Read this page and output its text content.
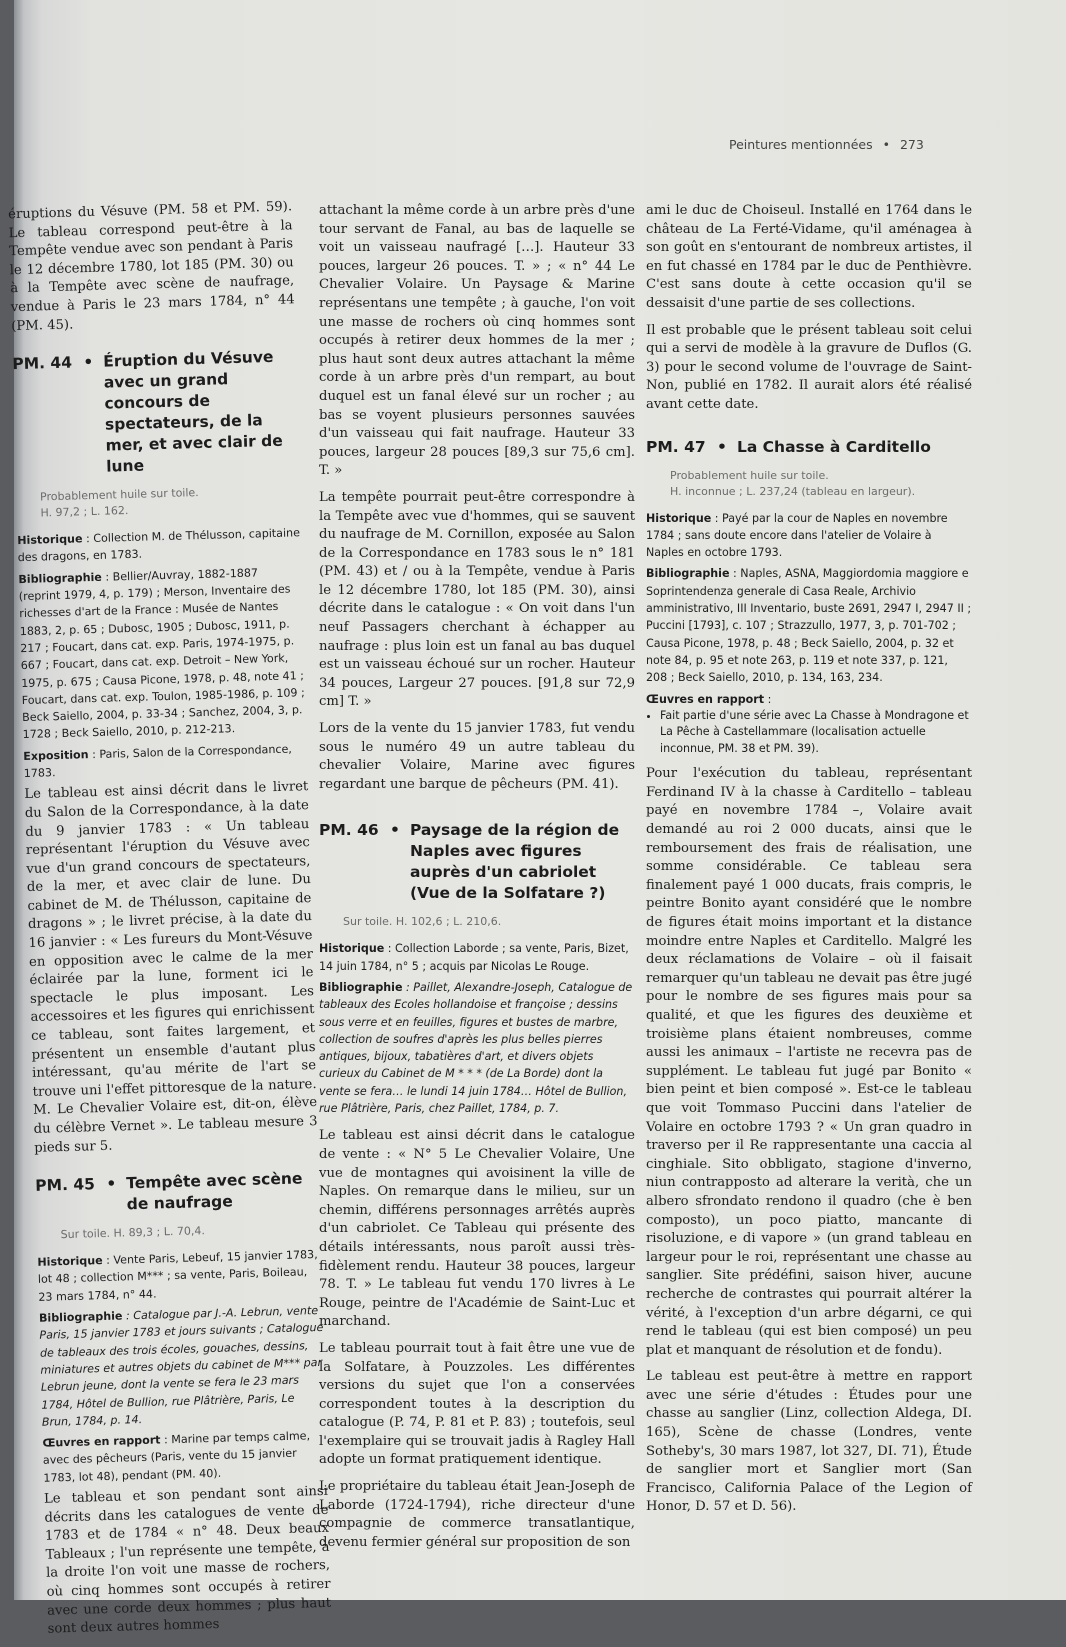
Peintures mentionnées • 273

éruptions du Vésuve (PM. 58 et PM. 59). Le tableau correspond peut-être à la Tempête vendue avec son pendant à Paris le 12 décembre 1780, lot 185 (PM. 30) ou à la Tempête avec scène de naufrage, vendue à Paris le 23 mars 1784, n° 44 (PM. 45).

PM. 44 •	Éruption du Vésuve avec un grand concours de spectateurs, de la mer, et avec clair de lune
Probablement huile sur toile.
H. 97,2 ; L. 162.

Historique : Collection M. de Thélusson, capitaine des dragons, en 1783.

Bibliographie : Bellier/Auvray, 1882-1887 (reprint 1979, 4, p. 179) ; Merson, Inventaire des richesses d'art de la France : Musée de Nantes 1883, 2, p. 65 ; Dubosc, 1905 ; Dubosc, 1911, p. 217 ; Foucart, dans cat. exp. Paris, 1974-1975, p. 667 ; Foucart, dans cat. exp. Detroit – New York, 1975, p. 675 ; Causa Picone, 1978, p. 48, note 41 ; Foucart, dans cat. exp. Toulon, 1985-1986, p. 109 ; Beck Saiello, 2004, p. 33-34 ; Sanchez, 2004, 3, p. 1728 ; Beck Saiello, 2010, p. 212-213.

Exposition : Paris, Salon de la Correspondance, 1783.

Le tableau est ainsi décrit dans le livret du Salon de la Correspondance, à la date du 9 janvier 1783 : « Un tableau représentant l'éruption du Vésuve avec vue d'un grand concours de spectateurs, de la mer, et avec clair de lune. Du cabinet de M. de Thélusson, capitaine de dragons » ; le livret précise, à la date du 16 janvier : « Les fureurs du Mont-Vésuve en opposition avec le calme de la mer éclairée par la lune, forment ici le spectacle le plus imposant. Les accessoires et les figures qui enrichissent ce tableau, sont faites largement, et présentent un ensemble d'autant plus intéressant, qu'au mérite de l'art se trouve uni l'effet pittoresque de la nature. M. Le Chevalier Volaire est, dit-on, élève du célèbre Vernet ». Le tableau mesure 3 pieds sur 5.

PM. 45 •	Tempête avec scène de naufrage
Sur toile. H. 89,3 ; L. 70,4.

Historique : Vente Paris, Lebeuf, 15 janvier 1783, lot 48 ; collection M*** ; sa vente, Paris, Boileau, 23 mars 1784, n° 44.

Bibliographie : Catalogue par J.-A. Lebrun, vente Paris, 15 janvier 1783 et jours suivants ; Catalogue de tableaux des trois écoles, gouaches, dessins, miniatures et autres objets du cabinet de M*** par Lebrun jeune, dont la vente se fera le 23 mars 1784, Hôtel de Bullion, rue Plâtrière, Paris, Le Brun, 1784, p. 14.

Œuvres en rapport : Marine par temps calme, avec des pêcheurs (Paris, vente du 15 janvier 1783, lot 48), pendant (PM. 40).

Le tableau et son pendant sont ainsi décrits dans les catalogues de vente de 1783 et de 1784 « n° 48. Deux beaux Tableaux ; l'un représente une tempête, à la droite l'on voit une masse de rochers, où cinq hommes sont occupés à retirer avec une corde deux hommes ; plus haut sont deux autres hommes

attachant la même corde à un arbre près d'une tour servant de Fanal, au bas de laquelle se voit un vaisseau naufragé […]. Hauteur 33 pouces, largeur 26 pouces. T. » ; « n° 44 Le Chevalier Volaire. Un Paysage & Marine représentans une tempête ; à gauche, l'on voit une masse de rochers où cinq hommes sont occupés à retirer deux hommes de la mer ; plus haut sont deux autres attachant la même corde à un arbre près d'un rempart, au bout duquel est un fanal élevé sur un rocher ; au bas se voyent plusieurs personnes sauvées d'un vaisseau qui fait naufrage. Hauteur 33 pouces, largeur 28 pouces [89,3 sur 75,6 cm]. T. »

La tempête pourrait peut-être correspondre à la Tempête avec vue d'hommes, qui se sauvent du naufrage de M. Cornillon, exposée au Salon de la Correspondance en 1783 sous le n° 181 (PM. 43) et / ou à la Tempête, vendue à Paris le 12 décembre 1780, lot 185 (PM. 30), ainsi décrite dans le catalogue : « On voit dans l'un neuf Passagers cherchant à échapper au naufrage : plus loin est un fanal au bas duquel est un vaisseau échoué sur un rocher. Hauteur 34 pouces, Largeur 27 pouces. [91,8 sur 72,9 cm] T. »

Lors de la vente du 15 janvier 1783, fut vendu sous le numéro 49 un autre tableau du chevalier Volaire, Marine avec figures regardant une barque de pêcheurs (PM. 41).

PM. 46 •	Paysage de la région de Naples avec figures auprès d'un cabriolet (Vue de la Solfatare ?)
Sur toile. H. 102,6 ; L. 210,6.

Historique : Collection Laborde ; sa vente, Paris, Bizet, 14 juin 1784, n° 5 ; acquis par Nicolas Le Rouge.

Bibliographie : Paillet, Alexandre-Joseph, Catalogue de tableaux des Ecoles hollandoise et françoise ; dessins sous verre et en feuilles, figures et bustes de marbre, collection de soufres d'après les plus belles pierres antiques, bijoux, tabatières d'art, et divers objets curieux du Cabinet de M * * * (de La Borde) dont la vente se fera… le lundi 14 juin 1784… Hôtel de Bullion, rue Plâtrière, Paris, chez Paillet, 1784, p. 7.

Le tableau est ainsi décrit dans le catalogue de vente : « N° 5 Le Chevalier Volaire, Une vue de montagnes qui avoisinent la ville de Naples. On remarque dans le milieu, sur un chemin, différens personnages arrêtés auprès d'un cabriolet. Ce Tableau qui présente des détails intéressants, nous paroît aussi très-fidèlement rendu. Hauteur 38 pouces, largeur 78. T. » Le tableau fut vendu 170 livres à Le Rouge, peintre de l'Académie de Saint-Luc et marchand.

Le tableau pourrait tout à fait être une vue de la Solfatare, à Pouzzoles. Les différentes versions du sujet que l'on a conservées correspondent toutes à la description du catalogue (P. 74, P. 81 et P. 83) ; toutefois, seul l'exemplaire qui se trouvait jadis à Ragley Hall adopte un format pratiquement identique.

Le propriétaire du tableau était Jean-Joseph de Laborde (1724-1794), riche directeur d'une compagnie de commerce transatlantique, devenu fermier général sur proposition de son

ami le duc de Choiseul. Installé en 1764 dans le château de La Ferté-Vidame, qu'il aménagea à son goût en s'entourant de nombreux artistes, il en fut chassé en 1784 par le duc de Penthièvre. C'est sans doute à cette occasion qu'il se dessaisit d'une partie de ses collections.

Il est probable que le présent tableau soit celui qui a servi de modèle à la gravure de Duflos (G. 3) pour le second volume de l'ouvrage de Saint-Non, publié en 1782. Il aurait alors été réalisé avant cette date.

PM. 47 •	La Chasse à Carditello
Probablement huile sur toile.
H. inconnue ; L. 237,24 (tableau en largeur).

Historique : Payé par la cour de Naples en novembre 1784 ; sans doute encore dans l'atelier de Volaire à Naples en octobre 1793.

Bibliographie : Naples, ASNA, Maggiordomia maggiore e Soprintendenza generale di Casa Reale, Archivio amministrativo, III Inventario, buste 2691, 2947 I, 2947 II ; Puccini [1793], c. 107 ; Strazzullo, 1977, 3, p. 701-702 ; Causa Picone, 1978, p. 48 ; Beck Saiello, 2004, p. 32 et note 84, p. 95 et note 263, p. 119 et note 337, p. 121, 208 ; Beck Saiello, 2010, p. 134, 163, 234.

Œuvres en rapport :

• Fait partie d'une série avec La Chasse à Mondragone et La Pêche à Castellammare (localisation actuelle inconnue, PM. 38 et PM. 39).

Pour l'exécution du tableau, représentant Ferdinand IV à la chasse à Carditello – tableau payé en novembre 1784 –, Volaire avait demandé au roi 2 000 ducats, ainsi que le remboursement des frais de réalisation, une somme considérable. Ce tableau sera finalement payé 1 000 ducats, frais compris, le peintre Bonito ayant considéré que le nombre de figures était moins important et la distance moindre entre Naples et Carditello. Malgré les deux réclamations de Volaire – où il faisait remarquer qu'un tableau ne devait pas être jugé pour le nombre de ses figures mais pour sa qualité, et que les figures des deuxième et troisième plans étaient nombreuses, comme aussi les animaux – l'artiste ne recevra pas de supplément. Le tableau fut jugé par Bonito « bien peint et bien composé ». Est-ce le tableau que voit Tommaso Puccini dans l'atelier de Volaire en octobre 1793 ? « Un gran quadro in traverso per il Re rappresentante una caccia al cinghiale. Sito obbligato, stagione d'inverno, niun contrapposto ad alterare la verità, che un albero sfrondato rendono il quadro (che è ben composto), un poco piatto, mancante di risoluzione, e di vapore » (un grand tableau en largeur pour le roi, représentant une chasse au sanglier. Site prédéfini, saison hiver, aucune recherche de contrastes qui pourrait altérer la vérité, à l'exception d'un arbre dégarni, ce qui rend le tableau (qui est bien composé) un peu plat et manquant de résolution et de fondu).

Le tableau est peut-être à mettre en rapport avec une série d'études : Études pour une chasse au sanglier (Linz, collection Aldega, DI. 165), Scène de chasse (Londres, vente Sotheby's, 30 mars 1987, lot 327, DI. 71), Étude de sanglier mort et Sanglier mort (San Francisco, California Palace of the Legion of Honor, D. 57 et D. 56).
